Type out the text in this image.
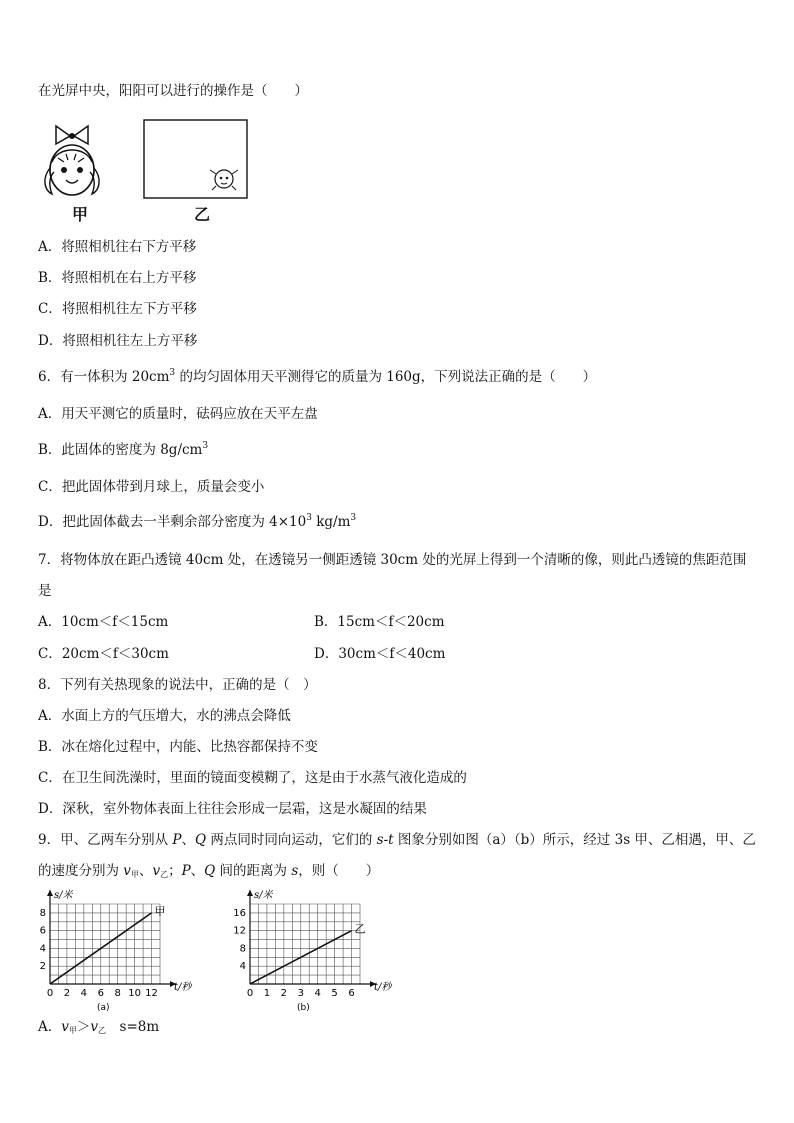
在光屏中央，阳阳可以进行的操作是（　　）
甲	乙
A．将照相机往右下方平移
B．将照相机在右上方平移
C．将照相机往左下方平移
D．将照相机往左上方平移
6．有一体积为 $20cm^3$ 的均匀固体用天平测得它的质量为 160g，下列说法正确的是（　　）
A．用天平测它的质量时，砝码应放在天平左盘
B．此固体的密度为 $8g/cm^3$
C．把此固体带到月球上，质量会变小
D．把此固体截去一半剩余部分密度为 $4\times 10^3$ $kg/m^3$
7．将物体放在距凸透镜 40cm 处，在透镜另一侧距透镜 30cm 处的光屏上得到一个清晰的像，则此凸透镜的焦距范围
是
A．10cm＜f＜15cm	B．15cm＜f＜20cm
C．20cm＜f＜30cm	D．30cm＜f＜40cm
8．下列有关热现象的说法中，正确的是（　）
A．水面上方的气压增大，水的沸点会降低
B．冰在熔化过程中，内能、比热容都保持不变
C．在卫生间洗澡时，里面的镜面变模糊了，这是由于水蒸气液化造成的
D．深秋，室外物体表面上往往会形成一层霜，这是水凝固的结果
9．甲、乙两车分别从 P、Q 两点同时同向运动，它们的 s-t 图象分别如图（a）（b）所示，经过 3s 甲、乙相遇，甲、乙
的速度分别为 $v_甲$、$v_乙$；P、Q 间的距离为 s，则（　　）
s/米
t/秒
0 2 4 6 8 10 12
2
4
6
8	甲
(a)
s/米
t/秒
0 1 2 3 4 5 6
4
8
12
16
乙
(b)
A．$v_甲>v_乙$　s=8m
